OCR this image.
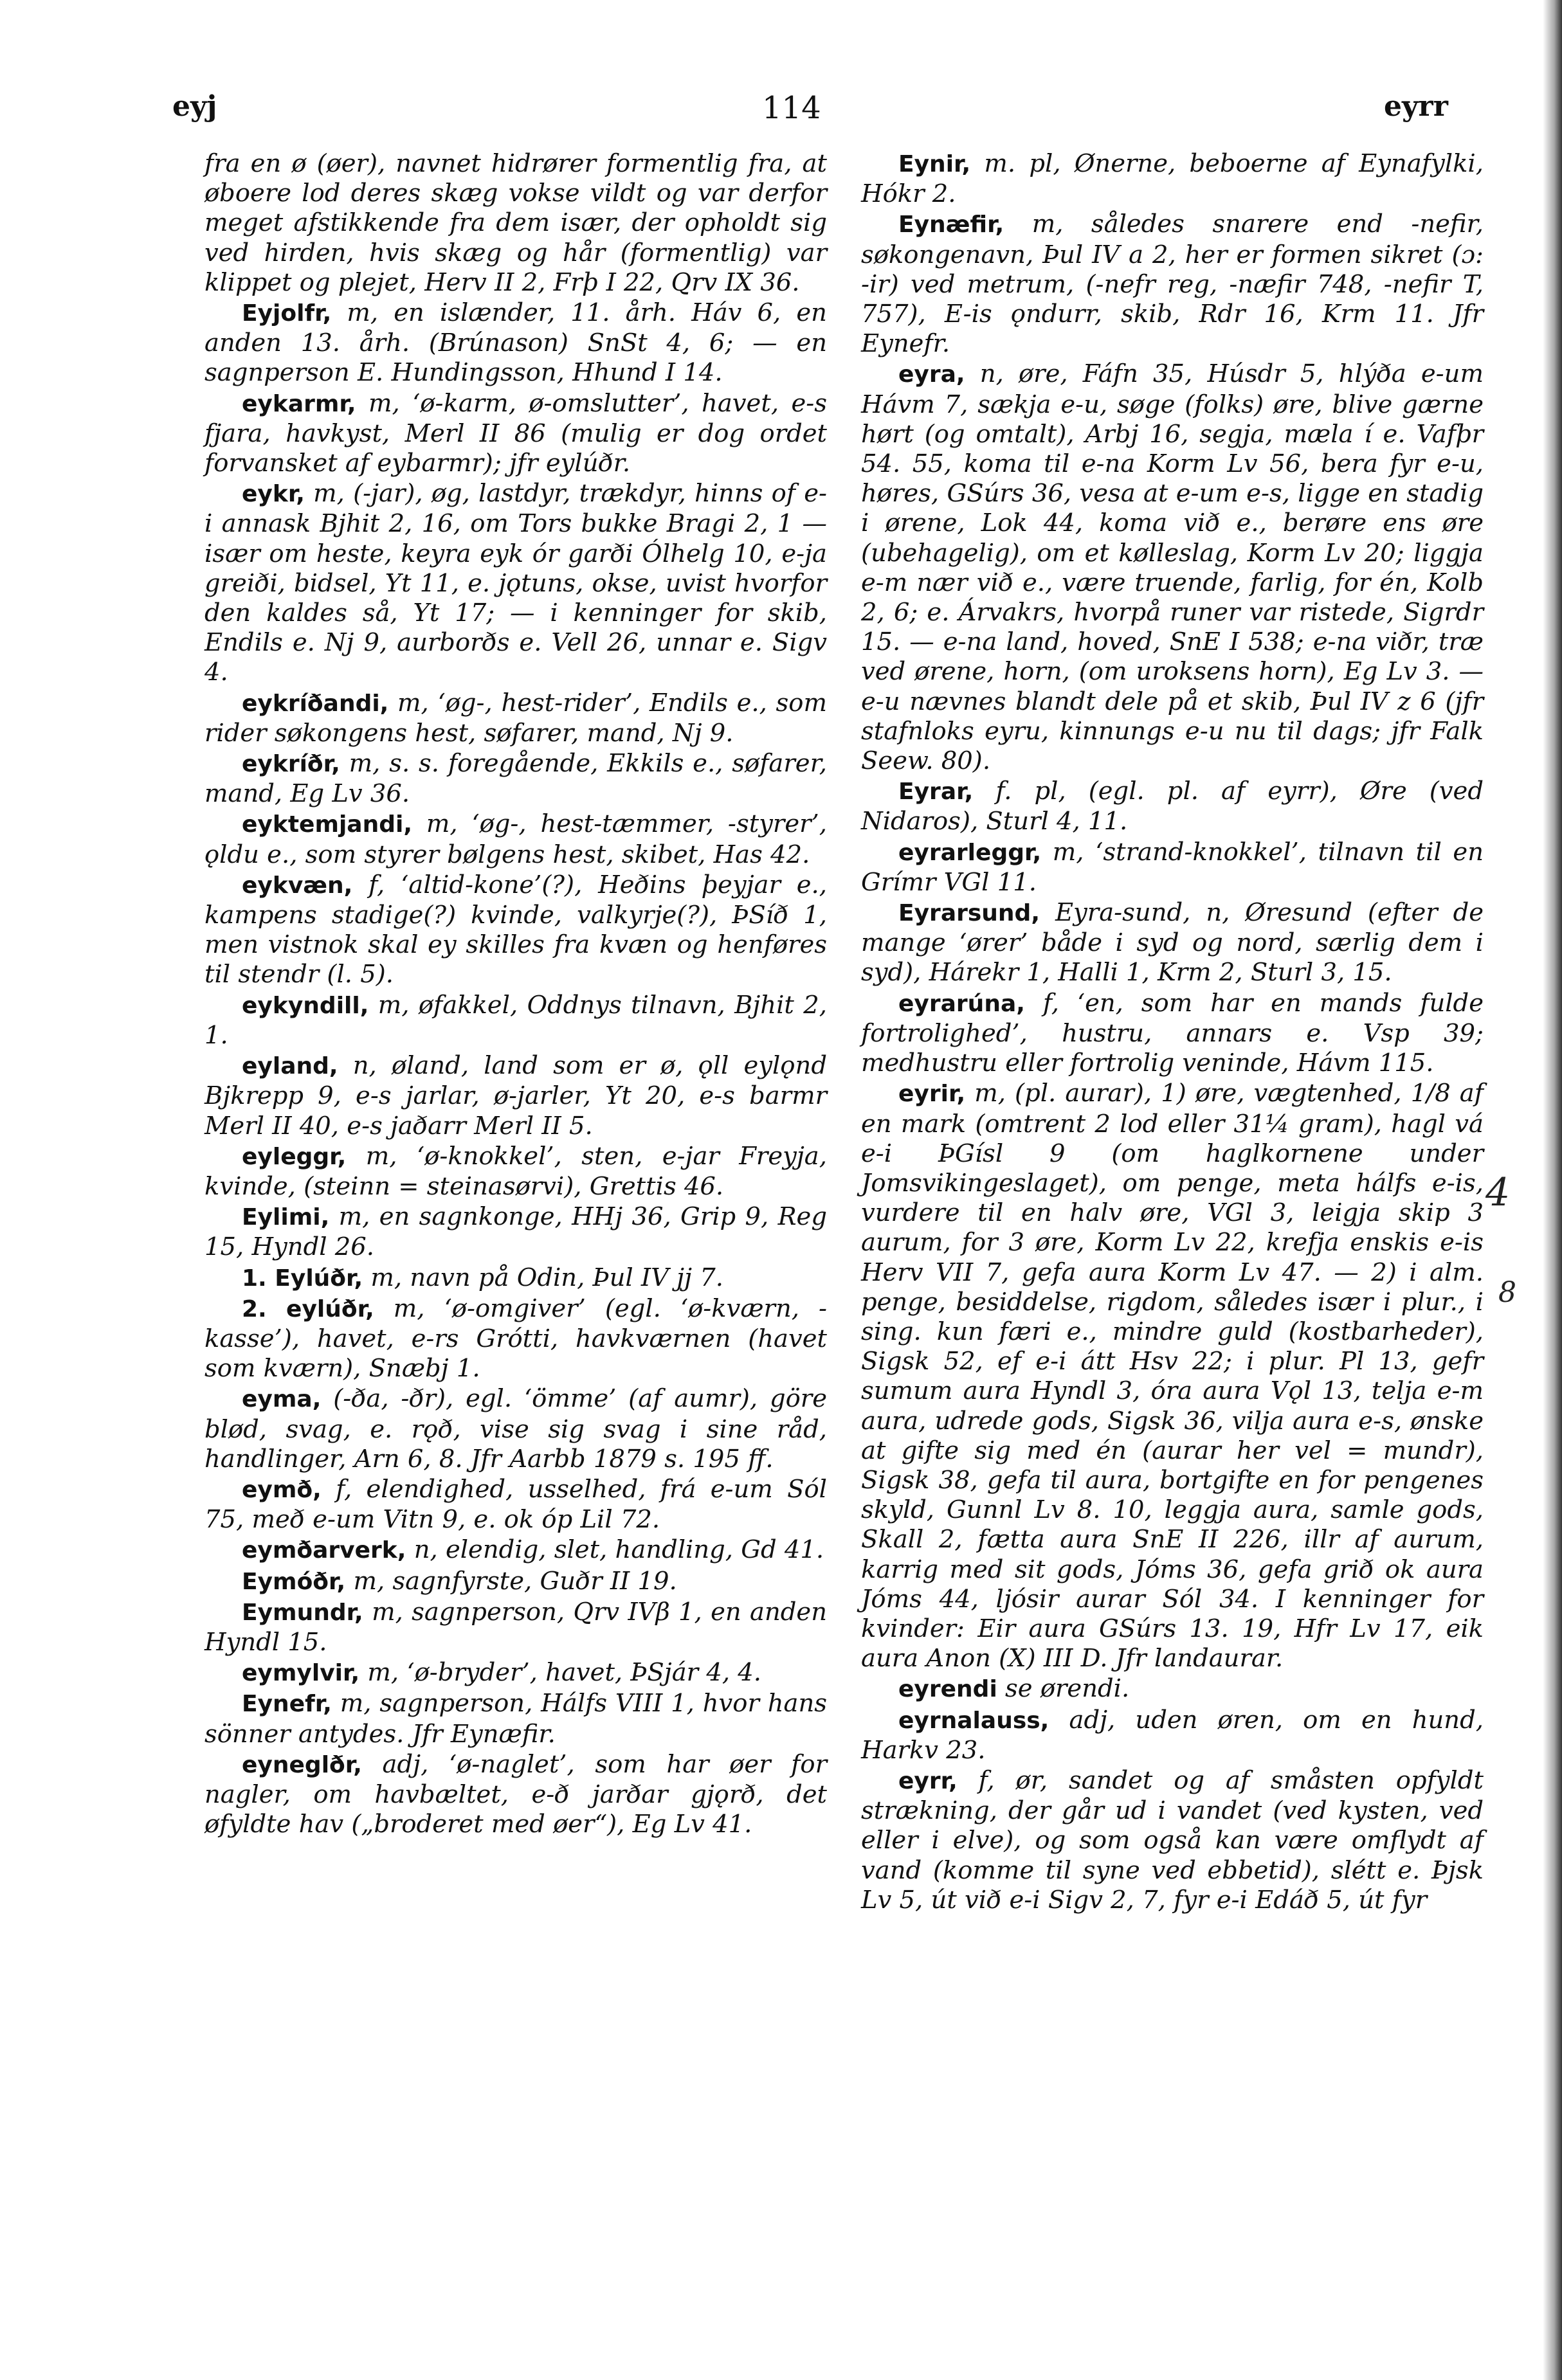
eyj	114	eyrr

fra en ø (øer), navnet hidrører formentlig fra, at øboere lod deres skæg vokse vildt og var derfor meget afstikkende fra dem især, der opholdt sig ved hirden, hvis skæg og hår (formentlig) var klippet og plejet, Herv II 2, Frþ I 22, Qrv IX 36.

Eyjolfr, m, en islænder, 11. årh. Háv 6, en anden 13. årh. (Brúnason) SnSt 4, 6; — en sagnperson E. Hundingsson, Hhund I 14.

eykarmr, m, ‘ø-karm, ø-omslutter’, havet, e-s fjara, havkyst, Merl II 86 (mulig er dog ordet forvansket af eybarmr); jfr eylúðr.

eykr, m, (-jar), øg, lastdyr, trækdyr, hinns of e-i annask Bjhit 2, 16, om Tors bukke Bragi 2, 1 — især om heste, keyra eyk ór garði Ólhelg 10, e-ja greiði, bidsel, Yt 11, e. jǫtuns, okse, uvist hvorfor den kaldes så, Yt 17; — i kenninger for skib, Endils e. Nj 9, aurborðs e. Vell 26, unnar e. Sigv 4.

eykríðandi, m, ‘øg-, hest-rider’, Endils e., som rider søkongens hest, søfarer, mand, Nj 9.

eykríðr, m, s. s. foregående, Ekkils e., søfarer, mand, Eg Lv 36.

eyktemjandi, m, ‘øg-, hest-tæmmer, -styrer’, ǫldu e., som styrer bølgens hest, skibet, Has 42.

eykvæn, f, ‘altid-kone’(?), Heðins þeyjar e., kampens stadige(?) kvinde, valkyrje(?), ÞSíð 1, men vistnok skal ey skilles fra kvæn og henføres til stendr (l. 5).

eykyndill, m, øfakkel, Oddnys tilnavn, Bjhit 2, 1.

eyland, n, øland, land som er ø, ǫll eylǫnd Bjkrepp 9, e-s jarlar, ø-jarler, Yt 20, e-s barmr Merl II 40, e-s jaðarr Merl II 5.

eyleggr, m, ‘ø-knokkel’, sten, e-jar Freyja, kvinde, (steinn = steinasørvi), Grettis 46.

Eylimi, m, en sagnkonge, HHj 36, Grip 9, Reg 15, Hyndl 26.

1. Eylúðr, m, navn på Odin, Þul IV jj 7.

2. eylúðr, m, ‘ø-omgiver’ (egl. ‘ø-kværn, -kasse’), havet, e-rs Grótti, havkværnen (havet som kværn), Snæbj 1.

eyma, (-ða, -ðr), egl. ‘ömme’ (af aumr), göre blød, svag, e. rǫð, vise sig svag i sine råd, handlinger, Arn 6, 8. Jfr Aarbb 1879 s. 195 ff.

eymð, f, elendighed, usselhed, frá e-um Sól 75, með e-um Vitn 9, e. ok óp Lil 72.

eymðarverk, n, elendig, slet, handling, Gd 41.

Eymóðr, m, sagnfyrste, Guðr II 19.

Eymundr, m, sagnperson, Qrv IVβ 1, en anden Hyndl 15.

eymylvir, m, ‘ø-bryder’, havet, ÞSjár 4, 4.

Eynefr, m, sagnperson, Hálfs VIII 1, hvor hans sönner antydes. Jfr Eynæfir.

eyneglðr, adj, ‘ø-naglet’, som har øer for nagler, om havbæltet, e-ð jarðar gjǫrð, det øfyldte hav („broderet med øer“), Eg Lv 41.

Eynir, m. pl, Ønerne, beboerne af Eynafylki, Hókr 2.

Eynæfir, m, således snarere end -nefir, søkongenavn, Þul IV a 2, her er formen sikret (ɔ: -ir) ved metrum, (-nefr reg, -næfir 748, -nefir T, 757), E-is ǫndurr, skib, Rdr 16, Krm 11. Jfr Eynefr.

eyra, n, øre, Fáfn 35, Húsdr 5, hlýða e-um Hávm 7, sækja e-u, søge (folks) øre, blive gærne hørt (og omtalt), Arbj 16, segja, mæla í e. Vafþr 54. 55, koma til e-na Korm Lv 56, bera fyr e-u, høres, GSúrs 36, vesa at e-um e-s, ligge en stadig i ørene, Lok 44, koma við e., berøre ens øre (ubehagelig), om et kølleslag, Korm Lv 20; liggja e-m nær við e., være truende, farlig, for én, Kolb 2, 6; e. Árvakrs, hvorpå runer var ristede, Sigrdr 15. — e-na land, hoved, SnE I 538; e-na viðr, træ ved ørene, horn, (om uroksens horn), Eg Lv 3. — e-u nævnes blandt dele på et skib, Þul IV z 6 (jfr stafnloks eyru, kinnungs e-u nu til dags; jfr Falk Seew. 80).

Eyrar, f. pl, (egl. pl. af eyrr), Øre (ved Nidaros), Sturl 4, 11.

eyrarleggr, m, ‘strand-knokkel’, tilnavn til en Grímr VGl 11.

Eyrarsund, Eyra-sund, n, Øresund (efter de mange ‘ører’ både i syd og nord, særlig dem i syd), Hárekr 1, Halli 1, Krm 2, Sturl 3, 15.

eyrarúna, f, ‘en, som har en mands fulde fortrolighed’, hustru, annars e. Vsp 39; medhustru eller fortrolig veninde, Hávm 115.

eyrir, m, (pl. aurar), 1) øre, vægtenhed, 1/8 af en mark (omtrent 2 lod eller 31¼ gram), hagl vá e-i ÞGísl 9 (om haglkornene under Jomsvikingeslaget), om penge, meta hálfs e-is, vurdere til en halv øre, VGl 3, leigja skip 3 aurum, for 3 øre, Korm Lv 22, krefja enskis e-is Herv VII 7, gefa aura Korm Lv 47. — 2) i alm. penge, besiddelse, rigdom, således især i plur., i sing. kun færi e., mindre guld (kostbarheder), Sigsk 52, ef e-i átt Hsv 22; i plur. Pl 13, gefr sumum aura Hyndl 3, óra aura Vǫl 13, telja e-m aura, udrede gods, Sigsk 36, vilja aura e-s, ønske at gifte sig med én (aurar her vel = mundr), Sigsk 38, gefa til aura, bortgifte en for pengenes skyld, Gunnl Lv 8. 10, leggja aura, samle gods, Skall 2, fætta aura SnE II 226, illr af aurum, karrig med sit gods, Jóms 36, gefa grið ok aura Jóms 44, ljósir aurar Sól 34. I kenninger for kvinder: Eir aura GSúrs 13. 19, Hfr Lv 17, eik aura Anon (X) III D. Jfr landaurar.

eyrendi se ørendi.

eyrnalauss, adj, uden øren, om en hund, Harkv 23.

eyrr, f, ør, sandet og af småsten opfyldt strækning, der går ud i vandet (ved kysten, ved eller i elve), og som også kan være omflydt af vand (komme til syne ved ebbetid), slétt e. Þjsk Lv 5, út við e-i Sigv 2, 7, fyr e-i Edáð 5, út fyr

4
8
